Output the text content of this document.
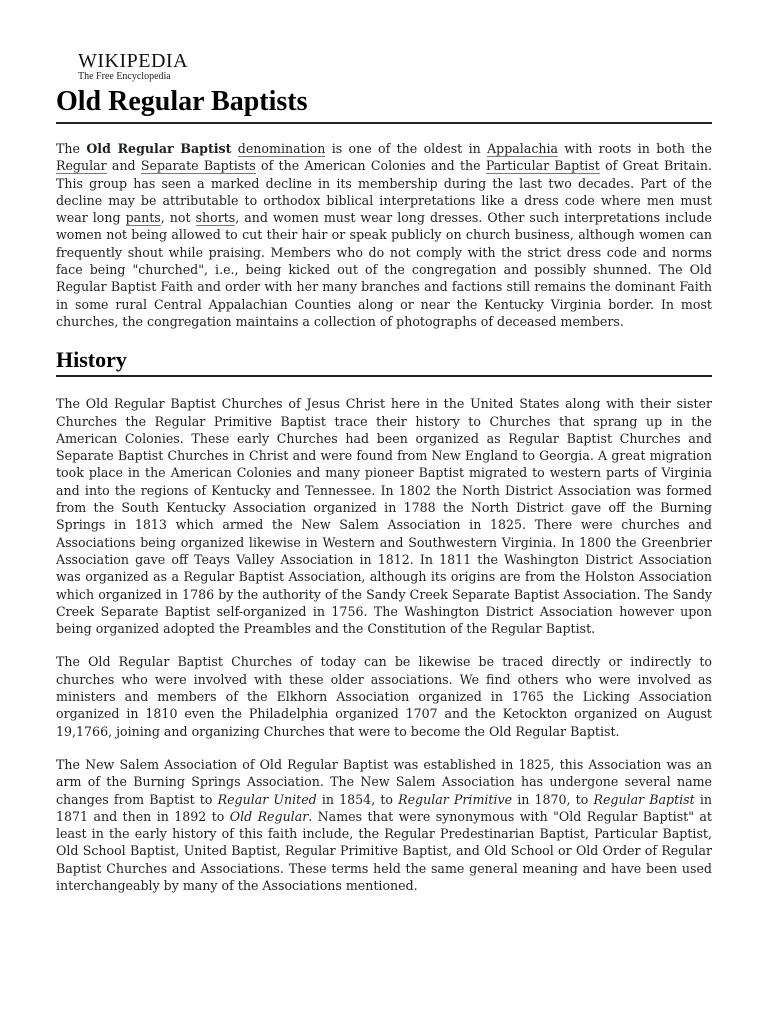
WIKIPEDIA
The Free Encyclopedia
Old Regular Baptists

The Old Regular Baptist denomination is one of the oldest in Appalachia with roots in both the Regular and Separate Baptists of the American Colonies and the Particular Baptist of Great Britain. This group has seen a marked decline in its membership during the last two decades. Part of the decline may be attributable to orthodox biblical interpretations like a dress code where men must wear long pants, not shorts, and women must wear long dresses. Other such interpretations include women not being allowed to cut their hair or speak publicly on church business, although women can frequently shout while praising. Members who do not comply with the strict dress code and norms face being "churched", i.e., being kicked out of the congregation and possibly shunned. The Old Regular Baptist Faith and order with her many branches and factions still remains the dominant Faith in some rural Central Appalachian Counties along or near the Kentucky Virginia border. In most churches, the congregation maintains a collection of photographs of deceased members.

History

The Old Regular Baptist Churches of Jesus Christ here in the United States along with their sister Churches the Regular Primitive Baptist trace their history to Churches that sprang up in the American Colonies. These early Churches had been organized as Regular Baptist Churches and Separate Baptist Churches in Christ and were found from New England to Georgia. A great migration took place in the American Colonies and many pioneer Baptist migrated to western parts of Virginia and into the regions of Kentucky and Tennessee. In 1802 the North District Association was formed from the South Kentucky Association organized in 1788 the North District gave off the Burning Springs in 1813 which armed the New Salem Association in 1825. There were churches and Associations being organized likewise in Western and Southwestern Virginia. In 1800 the Greenbrier Association gave off Teays Valley Association in 1812. In 1811 the Washington District Association was organized as a Regular Baptist Association, although its origins are from the Holston Association which organized in 1786 by the authority of the Sandy Creek Separate Baptist Association. The Sandy Creek Separate Baptist self-organized in 1756. The Washington District Association however upon being organized adopted the Preambles and the Constitution of the Regular Baptist.

The Old Regular Baptist Churches of today can be likewise be traced directly or indirectly to churches who were involved with these older associations. We find others who were involved as ministers and members of the Elkhorn Association organized in 1765 the Licking Association organized in 1810 even the Philadelphia organized 1707 and the Ketockton organized on August 19,1766, joining and organizing Churches that were to become the Old Regular Baptist.

The New Salem Association of Old Regular Baptist was established in 1825, this Association was an arm of the Burning Springs Association. The New Salem Association has undergone several name changes from Baptist to Regular United in 1854, to Regular Primitive in 1870, to Regular Baptist in 1871 and then in 1892 to Old Regular. Names that were synonymous with "Old Regular Baptist" at least in the early history of this faith include, the Regular Predestinarian Baptist, Particular Baptist, Old School Baptist, United Baptist, Regular Primitive Baptist, and Old School or Old Order of Regular Baptist Churches and Associations. These terms held the same general meaning and have been used interchangeably by many of the Associations mentioned.
